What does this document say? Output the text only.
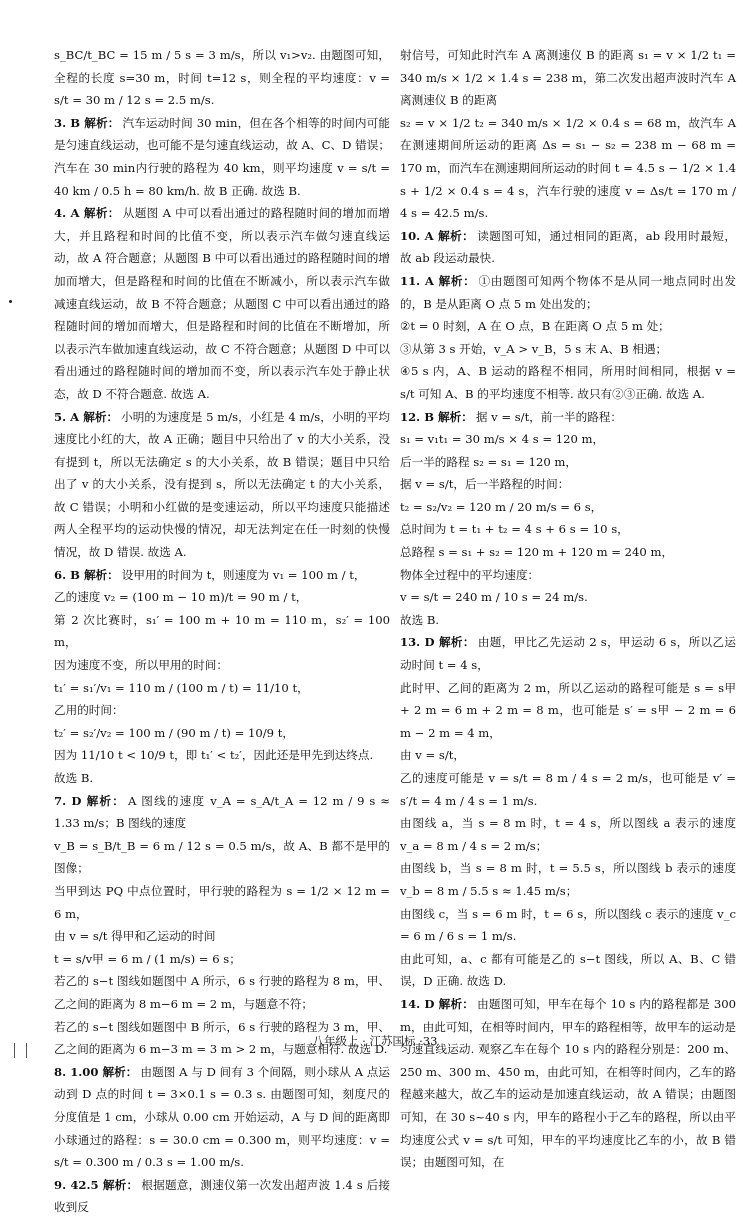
s_BC/t_BC = 15 m / 5 s = 3 m/s，所以 v₁>v₂. 由题图可知，全程的长度 s=30 m，时间 t=12 s，则全程的平均速度：v = s/t = 30 m / 12 s = 2.5 m/s.

3. B 解析： 汽车运动时间 30 min，但在各个相等的时间内可能是匀速直线运动，也可能不是匀速直线运动，故 A、C、D 错误；汽车在 30 min内行驶的路程为 40 km，则平均速度 v = s/t = 40 km / 0.5 h = 80 km/h. 故 B 正确. 故选 B.

4. A 解析： 从题图 A 中可以看出通过的路程随时间的增加而增大，并且路程和时间的比值不变，所以表示汽车做匀速直线运动，故 A 符合题意；从题图 B 中可以看出通过的路程随时间的增加而增大，但是路程和时间的比值在不断减小，所以表示汽车做减速直线运动，故 B 不符合题意；从题图 C 中可以看出通过的路程随时间的增加而增大，但是路程和时间的比值在不断增加，所以表示汽车做加速直线运动，故 C 不符合题意；从题图 D 中可以看出通过的路程随时间的增加而不变，所以表示汽车处于静止状态，故 D 不符合题意. 故选 A.

5. A 解析： 小明的为速度是 5 m/s，小红是 4 m/s，小明的平均速度比小红的大，故 A 正确；题目中只给出了 v 的大小关系，没有提到 t，所以无法确定 s 的大小关系，故 B 错误；题目中只给出了 v 的大小关系，没有提到 s，所以无法确定 t 的大小关系，故 C 错误；小明和小红做的是变速运动，所以平均速度只能描述两人全程平均的运动快慢的情况，却无法判定在任一时刻的快慢情况，故 D 错误. 故选 A.

6. B 解析： 设甲用的时间为 t，则速度为 v₁ = 100 m / t，

乙的速度 v₂ = (100 m − 10 m)/t = 90 m / t，

第 2 次比赛时，s₁′ = 100 m + 10 m = 110 m，s₂′ = 100 m，

因为速度不变，所以甲用的时间：

t₁′ = s₁′/v₁ = 110 m / (100 m / t) = 11/10 t，

乙用的时间：

t₂′ = s₂′/v₂ = 100 m / (90 m / t) = 10/9 t，

因为 11/10 t < 10/9 t，即 t₁′ < t₂′，因此还是甲先到达终点.

故选 B.

7. D 解析： A 图线的速度 v_A = s_A/t_A = 12 m / 9 s ≈ 1.33 m/s；B 图线的速度

v_B = s_B/t_B = 6 m / 12 s = 0.5 m/s，故 A、B 都不是甲的图像；

当甲到达 PQ 中点位置时，甲行驶的路程为 s = 1/2 × 12 m = 6 m，

由 v = s/t 得甲和乙运动的时间

t = s/v甲 = 6 m / (1 m/s) = 6 s；

若乙的 s−t 图线如题图中 A 所示，6 s 行驶的路程为 8 m，甲、乙之间的距离为 8 m−6 m = 2 m，与题意不符；

若乙的 s−t 图线如题图中 B 所示，6 s 行驶的路程为 3 m，甲、乙之间的距离为 6 m−3 m = 3 m > 2 m，与题意相符. 故选 D.

8. 1.00 解析： 由题图 A 与 D 间有 3 个间隔，则小球从 A 点运动到 D 点的时间 t = 3×0.1 s = 0.3 s. 由题图可知，刻度尺的分度值是 1 cm，小球从 0.00 cm 开始运动，A 与 D 间的距离即小球通过的路程：s = 30.0 cm = 0.300 m，则平均速度：v = s/t = 0.300 m / 0.3 s = 1.00 m/s.

9. 42.5 解析： 根据题意，测速仪第一次发出超声波 1.4 s 后接收到反

射信号，可知此时汽车 A 离测速仪 B 的距离 s₁ = v × 1/2 t₁ = 340 m/s × 1/2 × 1.4 s = 238 m，第二次发出超声波时汽车 A 离测速仪 B 的距离

s₂ = v × 1/2 t₂ = 340 m/s × 1/2 × 0.4 s = 68 m，故汽车 A 在测速期间所运动的距离 Δs = s₁ − s₂ = 238 m − 68 m = 170 m，而汽车在测速期间所运动的时间 t = 4.5 s − 1/2 × 1.4 s + 1/2 × 0.4 s = 4 s，汽车行驶的速度 v = Δs/t = 170 m / 4 s = 42.5 m/s.

10. A 解析： 读题图可知，通过相同的距离，ab 段用时最短，故 ab 段运动最快.

11. A 解析： ①由题图可知两个物体不是从同一地点同时出发的，B 是从距离 O 点 5 m 处出发的；

②t = 0 时刻，A 在 O 点，B 在距离 O 点 5 m 处；

③从第 3 s 开始，v_A > v_B，5 s 末 A、B 相遇；

④5 s 内，A、B 运动的路程不相同，所用时间相同，根据 v = s/t 可知 A、B 的平均速度不相等. 故只有②③正确. 故选 A.

12. B 解析： 据 v = s/t，前一半的路程：

s₁ = v₁t₁ = 30 m/s × 4 s = 120 m，

后一半的路程 s₂ = s₁ = 120 m，

据 v = s/t，后一半路程的时间：

t₂ = s₂/v₂ = 120 m / 20 m/s = 6 s，

总时间为 t = t₁ + t₂ = 4 s + 6 s = 10 s，

总路程 s = s₁ + s₂ = 120 m + 120 m = 240 m，

物体全过程中的平均速度：

v = s/t = 240 m / 10 s = 24 m/s.

故选 B.

13. D 解析： 由题，甲比乙先运动 2 s，甲运动 6 s，所以乙运动时间 t = 4 s，

此时甲、乙间的距离为 2 m，所以乙运动的路程可能是 s = s甲 + 2 m = 6 m + 2 m = 8 m，也可能是 s′ = s甲 − 2 m = 6 m − 2 m = 4 m，

由 v = s/t，

乙的速度可能是 v = s/t = 8 m / 4 s = 2 m/s，也可能是 v′ = s′/t = 4 m / 4 s = 1 m/s.

由图线 a，当 s = 8 m 时，t = 4 s，所以图线 a 表示的速度 v_a = 8 m / 4 s = 2 m/s；

由图线 b，当 s = 8 m 时，t = 5.5 s，所以图线 b 表示的速度 v_b = 8 m / 5.5 s ≈ 1.45 m/s；

由图线 c，当 s = 6 m 时，t = 6 s，所以图线 c 表示的速度 v_c = 6 m / 6 s = 1 m/s.

由此可知，a、c 都有可能是乙的 s−t 图线，所以 A、B、C 错误，D 正确. 故选 D.

14. D 解析： 由题图可知，甲车在每个 10 s 内的路程都是 300 m，由此可知，在相等时间内，甲车的路程相等，故甲车的运动是匀速直线运动. 观察乙车在每个 10 s 内的路程分别是：200 m、250 m、300 m、450 m，由此可知，在相等时间内，乙车的路程越来越大，故乙车的运动是加速直线运动，故 A 错误；由题图可知，在 30 s~40 s 内，甲车的路程小于乙车的路程，所以由平均速度公式 v = s/t 可知，甲车的平均速度比乙车的小，故 B 错误；由题图可知，在

八年级上 · 江苏国标 ·33
